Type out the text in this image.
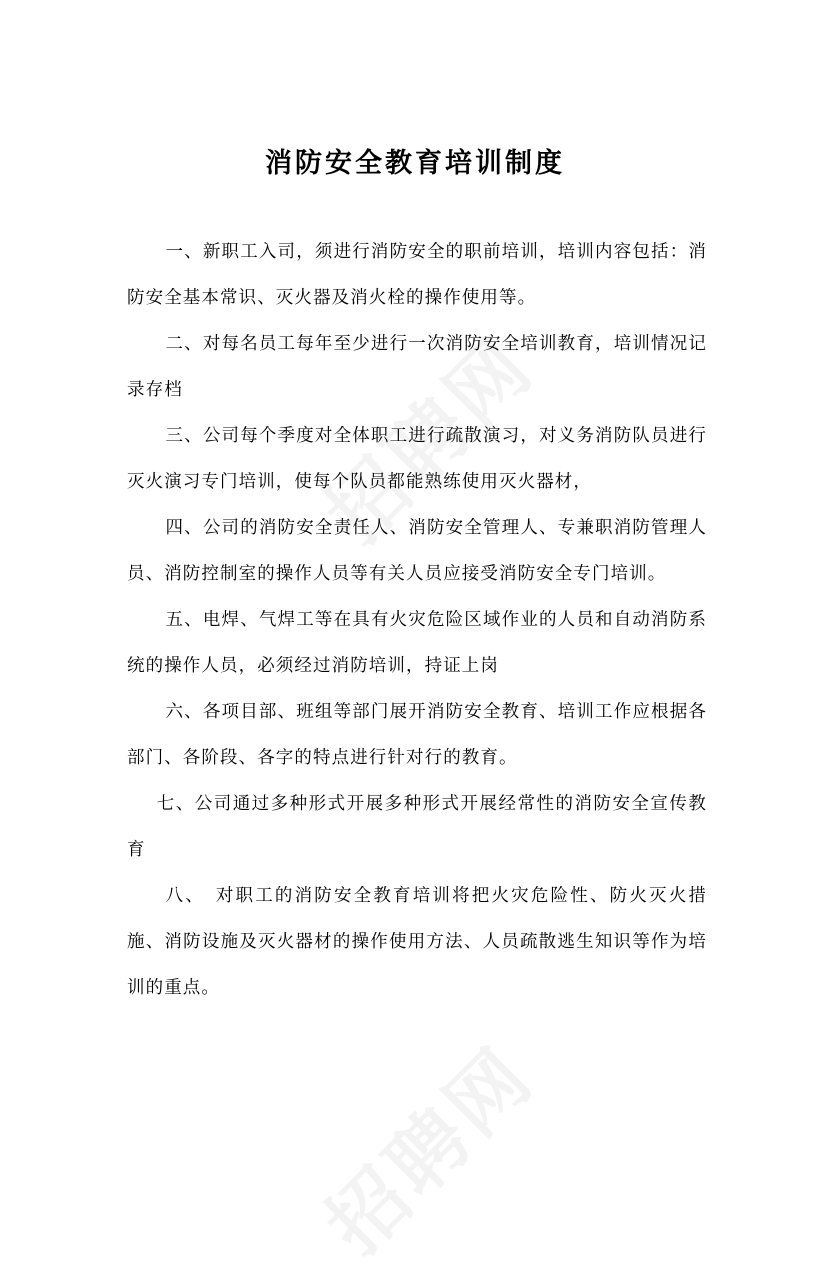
消防安全教育培训制度

一、新职工入司，须进行消防安全的职前培训，培训内容包括：消防安全基本常识、灭火器及消火栓的操作使用等。

二、对每名员工每年至少进行一次消防安全培训教育，培训情况记录存档

三、公司每个季度对全体职工进行疏散演习，对义务消防队员进行灭火演习专门培训，使每个队员都能熟练使用灭火器材，

四、公司的消防安全责任人、消防安全管理人、专兼职消防管理人员、消防控制室的操作人员等有关人员应接受消防安全专门培训。

五、电焊、气焊工等在具有火灾危险区域作业的人员和自动消防系统的操作人员，必须经过消防培训，持证上岗

六、各项目部、班组等部门展开消防安全教育、培训工作应根据各部门、各阶段、各字的特点进行针对行的教育。

七、公司通过多种形式开展多种形式开展经常性的消防安全宣传教育

八、　对职工的消防安全教育培训将把火灾危险性、防火灭火措施、消防设施及灭火器材的操作使用方法、人员疏散逃生知识等作为培训的重点。
